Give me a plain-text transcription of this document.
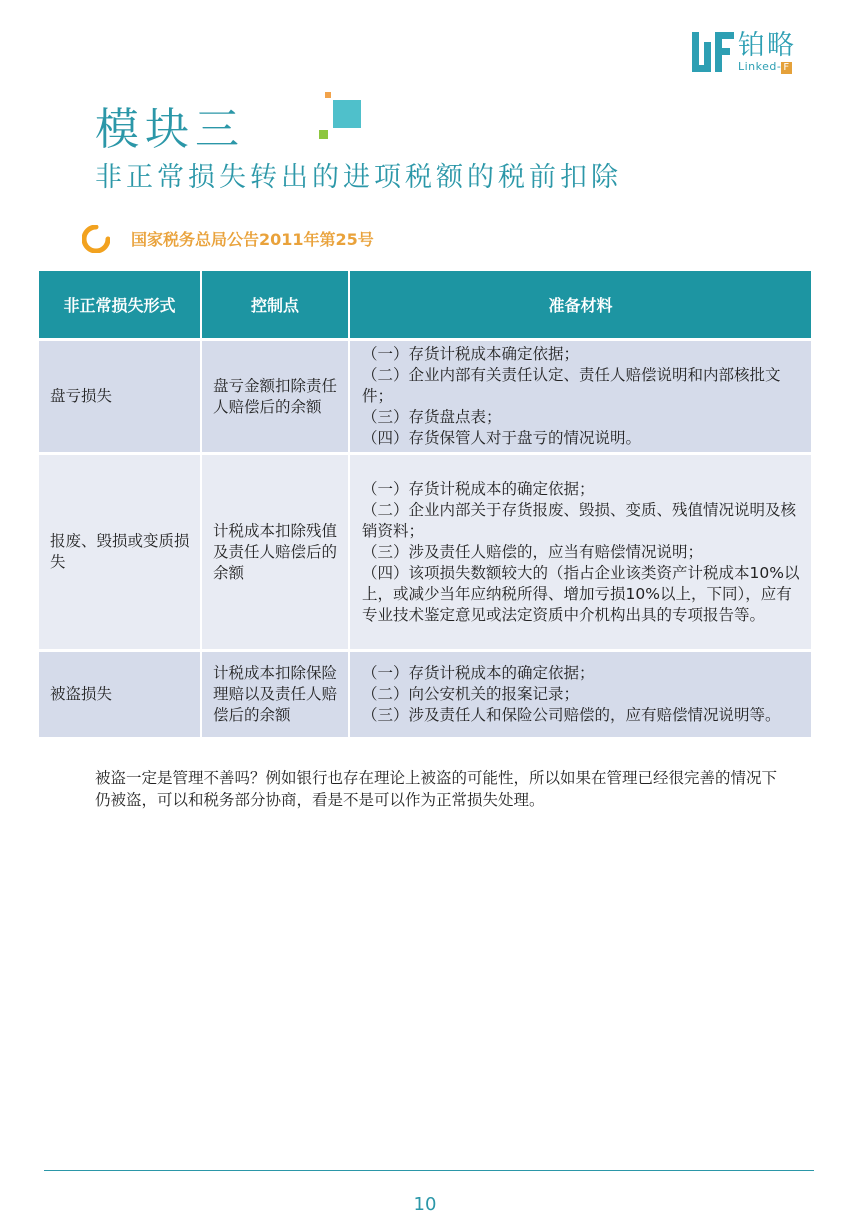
铂略
Linked- F
模块三
非正常损失转出的进项税额的税前扣除
国家税务总局公告2011年第25号
非正常损失形式	控制点	准备材料
盘亏损失	盘亏金额扣除责任人赔偿后的余额	（一）存货计税成本确定依据；

（二）企业内部有关责任认定、责任人赔偿说明和内部核批文件；

（三）存货盘点表；

（四）存货保管人对于盘亏的情况说明。

报废、毁损或变质损失	计税成本扣除残值及责任人赔偿后的余额	（一）存货计税成本的确定依据；

（二）企业内部关于存货报废、毁损、变质、残值情况说明及核销资料；

（三）涉及责任人赔偿的，应当有赔偿情况说明；

（四）该项损失数额较大的（指占企业该类资产计税成本10%以上，或减少当年应纳税所得、增加亏损10%以上，下同），应有专业技术鉴定意见或法定资质中介机构出具的专项报告等。

被盗损失	计税成本扣除保险理赔以及责任人赔偿后的余额	（一）存货计税成本的确定依据；

（二）向公安机关的报案记录；

（三）涉及责任人和保险公司赔偿的，应有赔偿情况说明等。

被盗一定是管理不善吗？例如银行也存在理论上被盗的可能性，所以如果在管理已经很完善的情况下仍被盗，可以和税务部分协商，看是不是可以作为正常损失处理。
10
